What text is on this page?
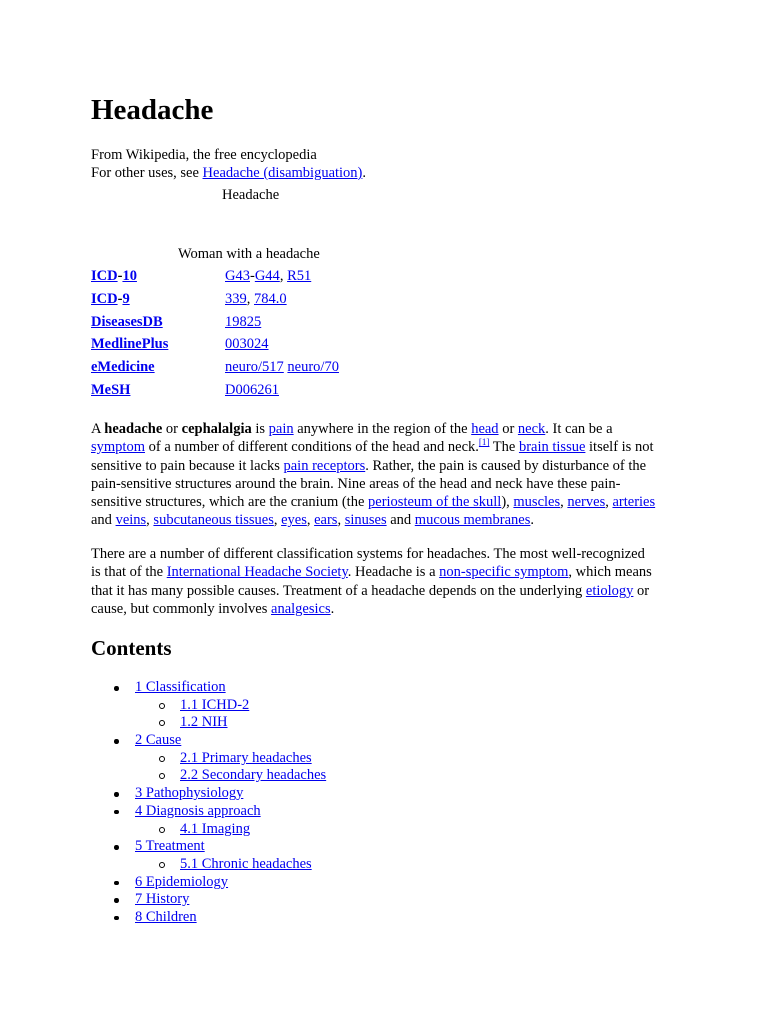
Headache
From Wikipedia, the free encyclopedia
For other uses, see Headache (disambiguation).
Headache
Woman with a headache
ICD-10	G43-G44, R51
ICD-9	339, 784.0
DiseasesDB	19825
MedlinePlus	003024
eMedicine	neuro/517 neuro/70
MeSH	D006261
A headache or cephalalgia is pain anywhere in the region of the head or neck. It can be a
symptom of a number of different conditions of the head and neck.[1] The brain tissue itself is not
sensitive to pain because it lacks pain receptors. Rather, the pain is caused by disturbance of the
pain-sensitive structures around the brain. Nine areas of the head and neck have these pain-
sensitive structures, which are the cranium (the periosteum of the skull), muscles, nerves, arteries
and veins, subcutaneous tissues, eyes, ears, sinuses and mucous membranes.
There are a number of different classification systems for headaches. The most well-recognized
is that of the International Headache Society. Headache is a non-specific symptom, which means
that it has many possible causes. Treatment of a headache depends on the underlying etiology or
cause, but commonly involves analgesics.
Contents
1 Classification
1.1 ICHD-2
1.2 NIH
2 Cause
2.1 Primary headaches
2.2 Secondary headaches
3 Pathophysiology
4 Diagnosis approach
4.1 Imaging
5 Treatment
5.1 Chronic headaches
6 Epidemiology
7 History
8 Children
